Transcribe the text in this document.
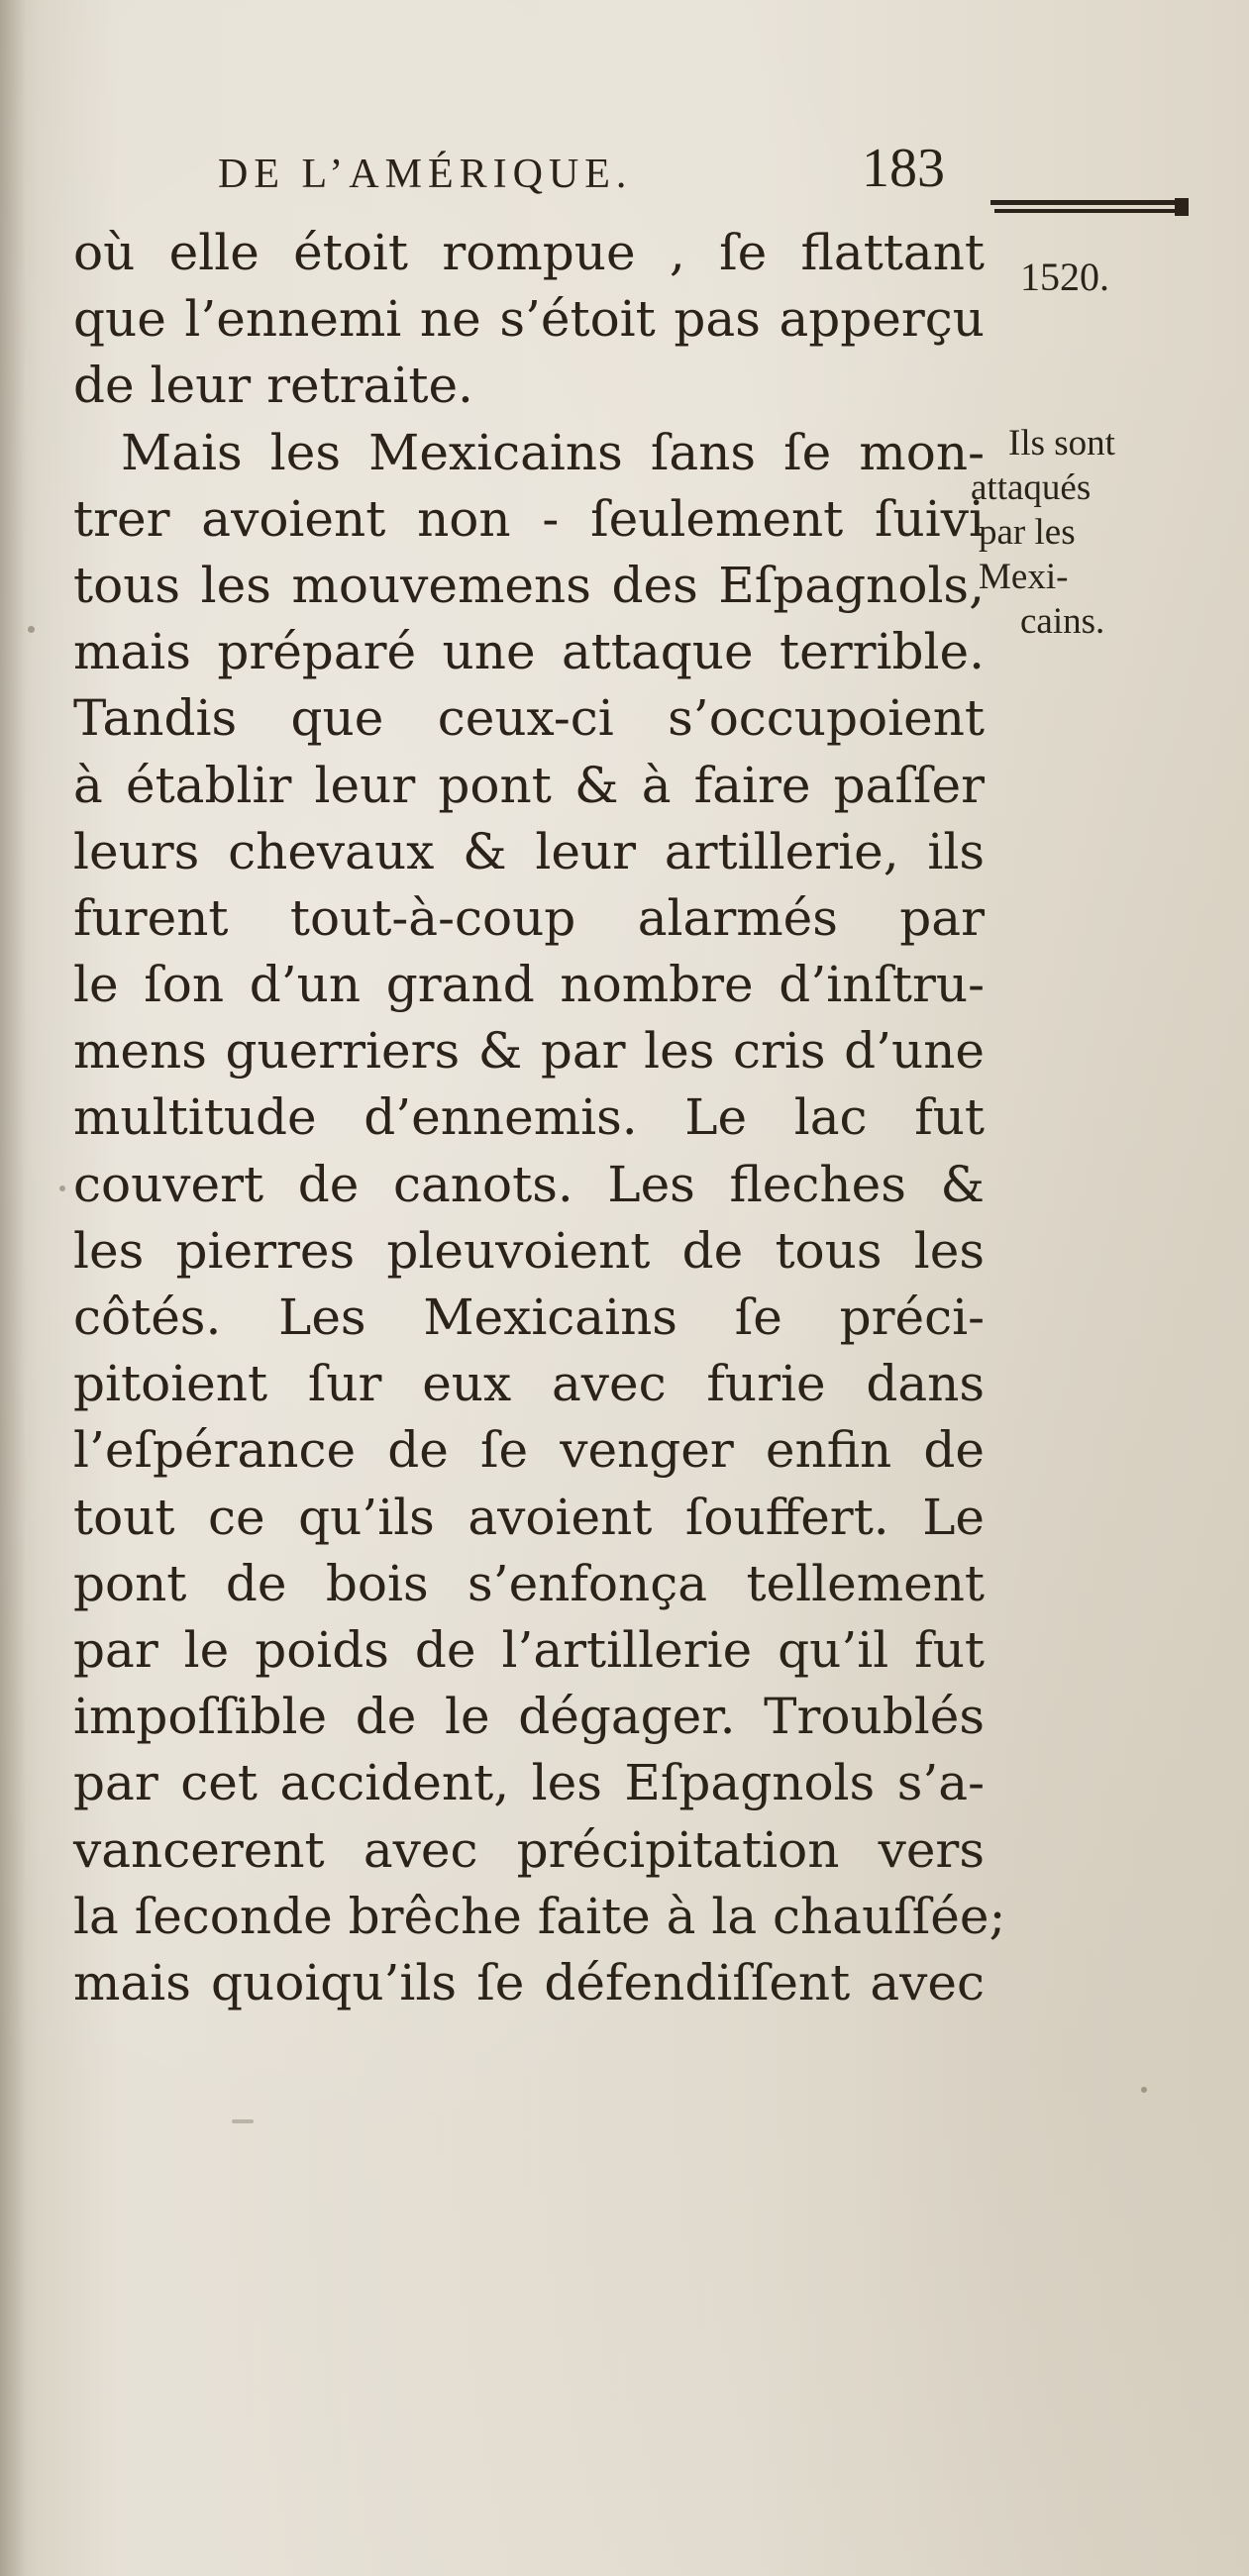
DE L’AMÉRIQUE.	183
1520.
Ils sont
attaqués
par les
Mexi-
cains.
où elle étoit rompue , ſe flattant
que l’ennemi ne s’étoit pas apperçu
de leur retraite.
Mais les Mexicains ſans ſe mon-
trer avoient non - ſeulement ſuivi
tous les mouvemens des Eſpagnols,
mais préparé une attaque terrible.
Tandis que ceux-ci s’occupoient
à établir leur pont & à faire paſſer
leurs chevaux & leur artillerie, ils
furent tout-à-coup alarmés par
le ſon d’un grand nombre d’inſtru-
mens guerriers & par les cris d’une
multitude d’ennemis. Le lac fut
couvert de canots. Les fleches &
les pierres pleuvoient de tous les
côtés. Les Mexicains ſe préci-
pitoient ſur eux avec furie dans
l’eſpérance de ſe venger enfin de
tout ce qu’ils avoient ſouffert. Le
pont de bois s’enfonça tellement
par le poids de l’artillerie qu’il fut
impoſſible de le dégager. Troublés
par cet accident, les Eſpagnols s’a-
vancerent avec précipitation vers
la ſeconde brêche faite à la chauſſée;
mais quoiqu’ils ſe défendiſſent avec
